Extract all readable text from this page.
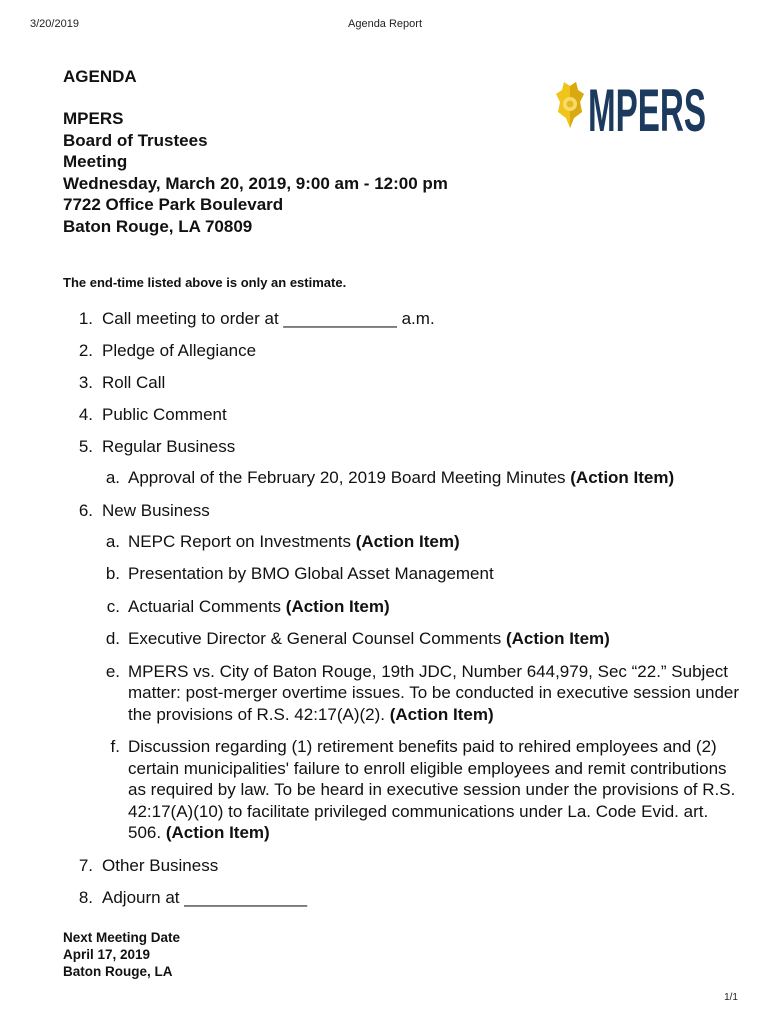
3/20/2019	Agenda Report
AGENDA
MPERS
Board of Trustees
Meeting
Wednesday, March 20, 2019, 9:00 am - 12:00 pm
7722 Office Park Boulevard
Baton Rouge, LA 70809
MPERS
The end-time listed above is only an estimate.
1. Call meeting to order at ____________ a.m.
2. Pledge of Allegiance
3. Roll Call
4. Public Comment
5. Regular Business
a. Approval of the February 20, 2019 Board Meeting Minutes (Action Item)
6. New Business
a. NEPC Report on Investments (Action Item)
b. Presentation by BMO Global Asset Management
c. Actuarial Comments (Action Item)
d. Executive Director & General Counsel Comments (Action Item)
e. MPERS vs. City of Baton Rouge, 19th JDC, Number 644,979, Sec “22.” Subject matter: post-merger overtime issues. To be conducted in executive session under the provisions of R.S. 42:17(A)(2). (Action Item)
f. Discussion regarding (1) retirement benefits paid to rehired employees and (2) certain municipalities' failure to enroll eligible employees and remit contributions as required by law. To be heard in executive session under the provisions of R.S. 42:17(A)(10) to facilitate privileged communications under La. Code Evid. art. 506. (Action Item)
7. Other Business
8. Adjourn at _____________
Next Meeting Date
April 17, 2019
Baton Rouge, LA
1/1
